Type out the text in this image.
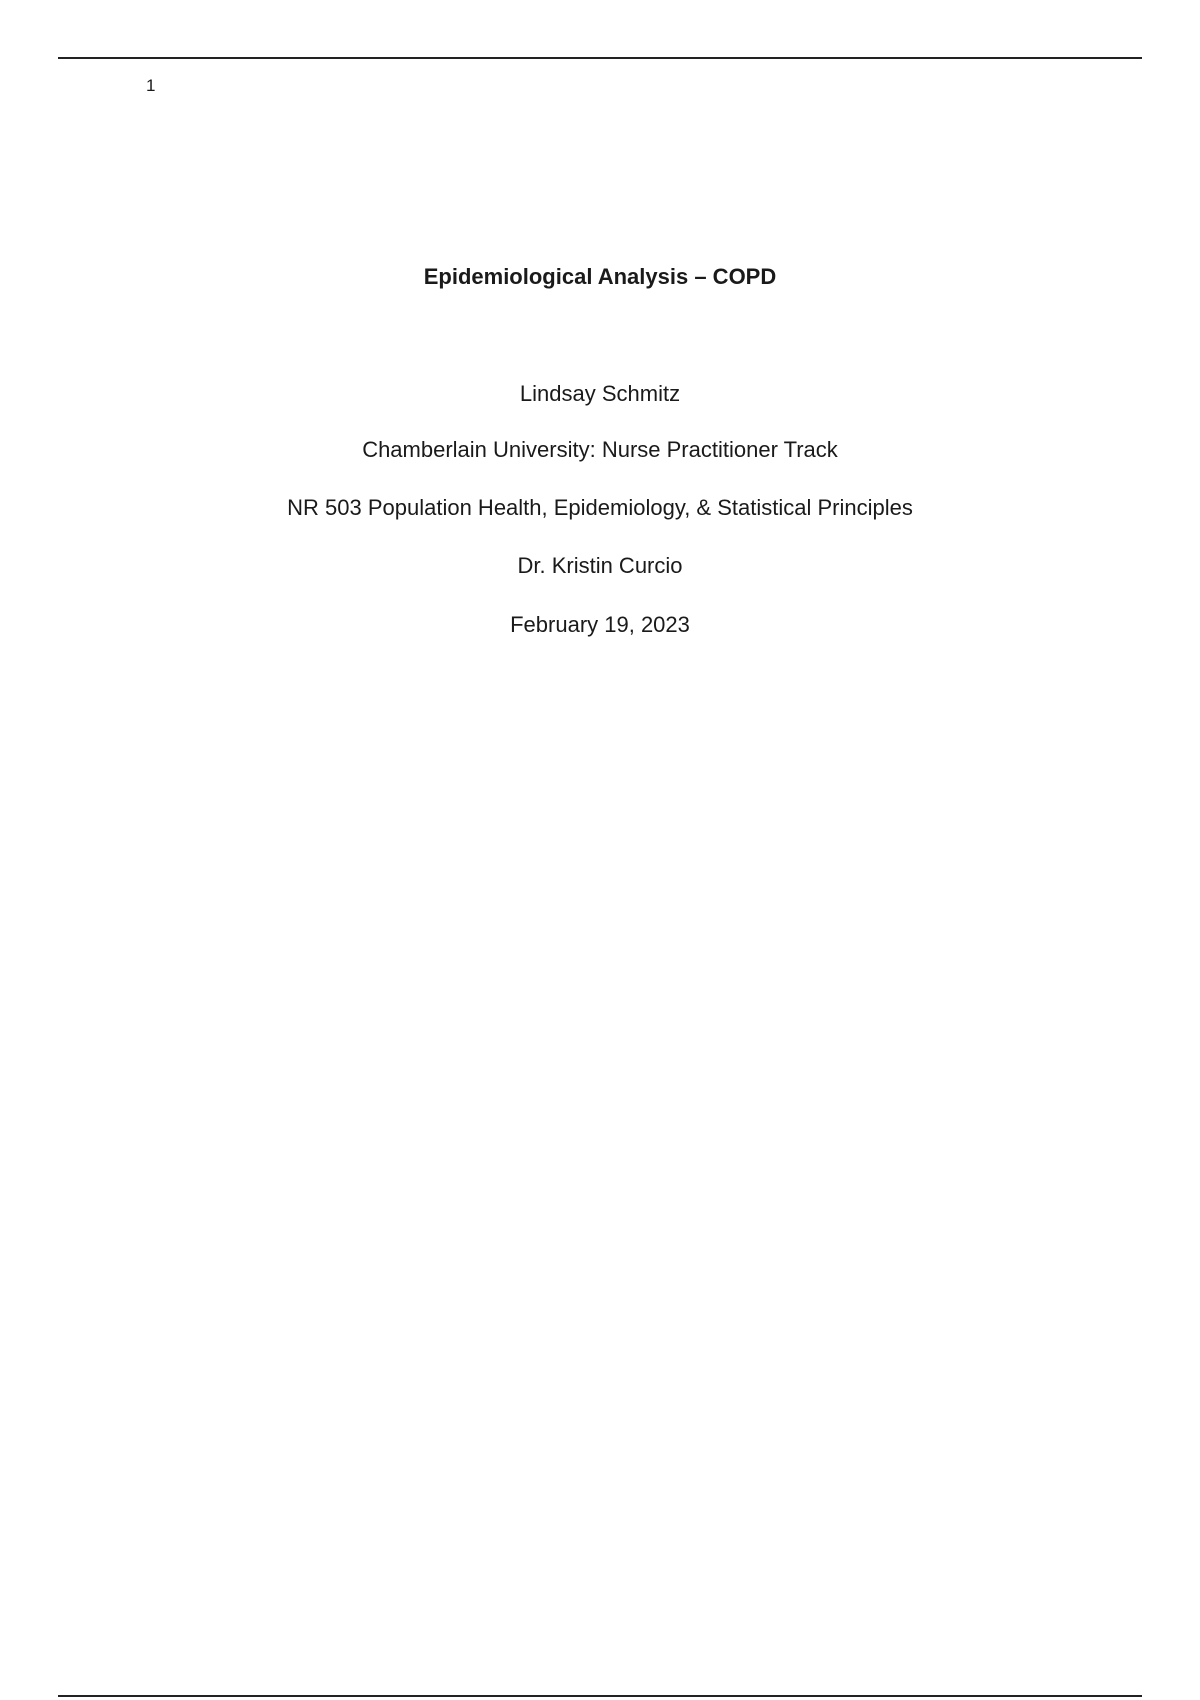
1
Epidemiological Analysis – COPD
Lindsay Schmitz
Chamberlain University: Nurse Practitioner Track
NR 503 Population Health, Epidemiology, & Statistical Principles
Dr. Kristin Curcio
February 19, 2023
